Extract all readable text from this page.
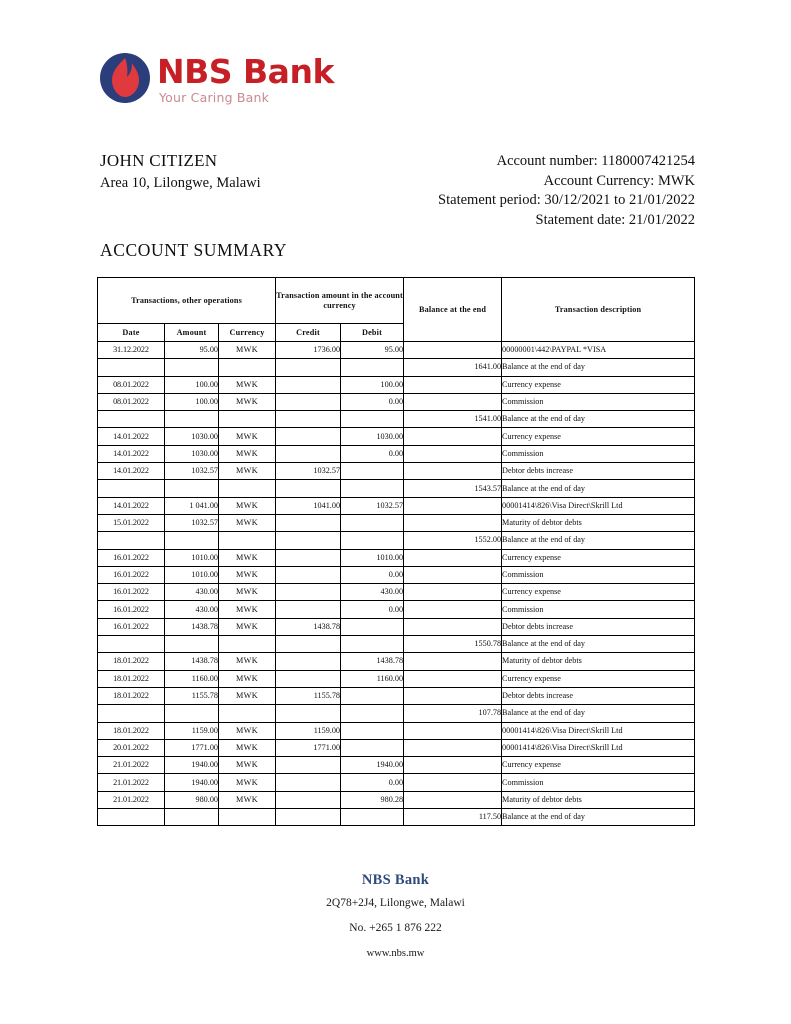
NBS Bank
Your Caring Bank
JOHN CITIZEN
Area 10, Lilongwe, Malawi
Account number: 1180007421254
Account Currency: MWK
Statement period: 30/12/2021 to 21/01/2022
Statement date: 21/01/2022
ACCOUNT SUMMARY
Transactions, other operations			Transaction amount in the account currency		Balance at the end	Transaction description
Date	Amount	Currency	Credit	Debit		
31.12.2022	95.00	MWK	1736.00	95.00		00000001\442\PAYPAL *VISA
					1641.00	Balance at the end of day
08.01.2022	100.00	MWK		100.00		Currency expense
08.01.2022	100.00	MWK		0.00		Commission
					1541.00	Balance at the end of day
14.01.2022	1030.00	MWK		1030.00		Currency expense
14.01.2022	1030.00	MWK		0.00		Commission
14.01.2022	1032.57	MWK	1032.57			Debtor debts increase
					1543.57	Balance at the end of day
14.01.2022	1 041.00	MWK	1041.00	1032.57		00001414\826\Visa Direct\Skrill Ltd
15.01.2022	1032.57	MWK				Maturity of debtor debts
					1552.00	Balance at the end of day
16.01.2022	1010.00	MWK		1010.00		Currency expense
16.01.2022	1010.00	MWK		0.00		Commission
16.01.2022	430.00	MWK		430.00		Currency expense
16.01.2022	430.00	MWK		0.00		Commission
16.01.2022	1438.78	MWK	1438.78			Debtor debts increase
					1550.78	Balance at the end of day
18.01.2022	1438.78	MWK		1438.78		Maturity of debtor debts
18.01.2022	1160.00	MWK		1160.00		Currency expense
18.01.2022	1155.78	MWK	1155.78			Debtor debts increase
					107.78	Balance at the end of day
18.01.2022	1159.00	MWK	1159.00			00001414\826\Visa Direct\Skrill Ltd
20.01.2022	1771.00	MWK	1771.00			00001414\826\Visa Direct\Skrill Ltd
21.01.2022	1940.00	MWK		1940.00		Currency expense
21.01.2022	1940.00	MWK		0.00		Commission
21.01.2022	980.00	MWK		980.28		Maturity of debtor debts
					117.50	Balance at the end of day
NBS Bank
2Q78+2J4, Lilongwe, Malawi
No. +265 1 876 222
www.nbs.mw
